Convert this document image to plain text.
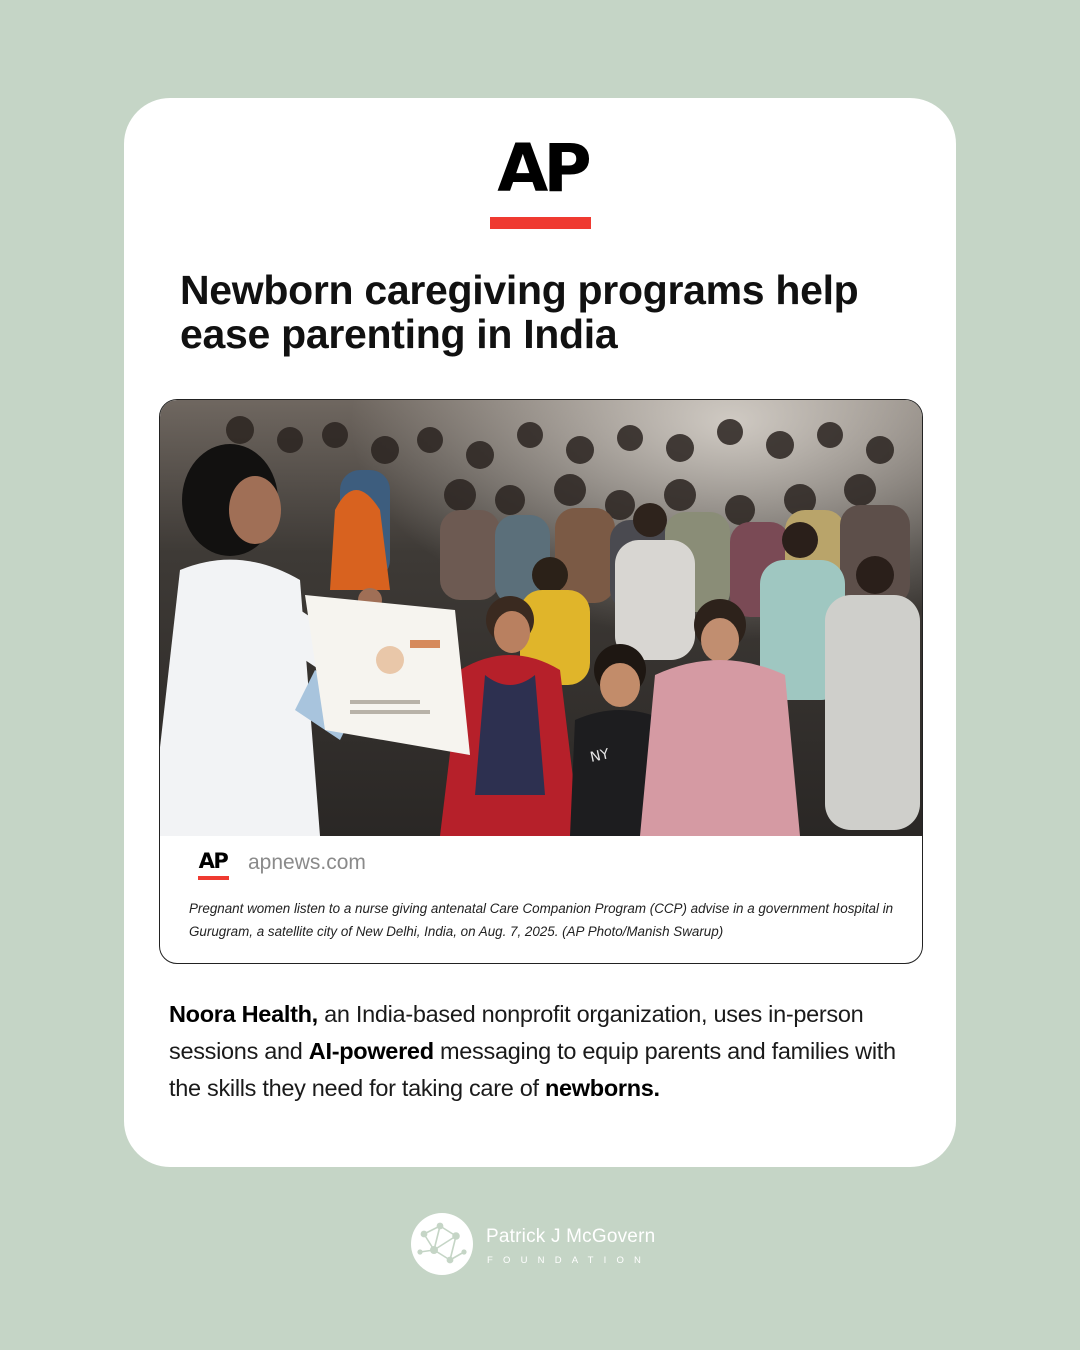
AP
Newborn caregiving programs help ease parenting in India
NY
AP apnews.com

Pregnant women listen to a nurse giving antenatal Care Companion Program (CCP) advise in a government hospital in Gurugram, a satellite city of New Delhi, India, on Aug. 7, 2025. (AP Photo/Manish Swarup)

Noora Health, an India-based nonprofit organization, uses in-person sessions and AI-powered messaging to equip parents and families with the skills they need for taking care of newborns.

Patrick J McGovern
FOUNDATION
